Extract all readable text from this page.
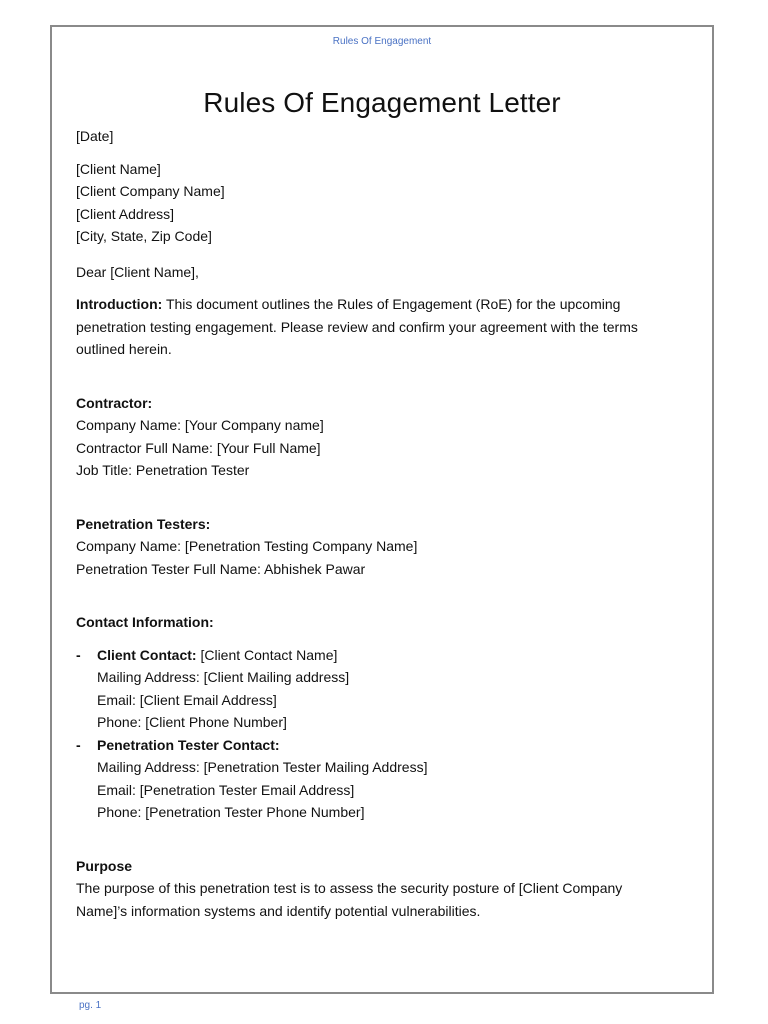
Rules Of Engagement
Rules Of Engagement Letter
[Date]
[Client Name]
[Client Company Name]
[Client Address]
[City, State, Zip Code]
Dear [Client Name],
Introduction: This document outlines the Rules of Engagement (RoE) for the upcoming
penetration testing engagement. Please review and confirm your agreement with the terms
outlined herein.
Contractor:
Company Name: [Your Company name]
Contractor Full Name: [Your Full Name]
Job Title: Penetration Tester
Penetration Testers:
Company Name: [Penetration Testing Company Name]
Penetration Tester Full Name: Abhishek Pawar
Contact Information:
- Client Contact: [Client Contact Name]
Mailing Address: [Client Mailing address]
Email: [Client Email Address]
Phone: [Client Phone Number]
- Penetration Tester Contact:
Mailing Address: [Penetration Tester Mailing Address]
Email: [Penetration Tester Email Address]
Phone: [Penetration Tester Phone Number]
Purpose
The purpose of this penetration test is to assess the security posture of [Client Company
Name]’s information systems and identify potential vulnerabilities.
pg. 1
